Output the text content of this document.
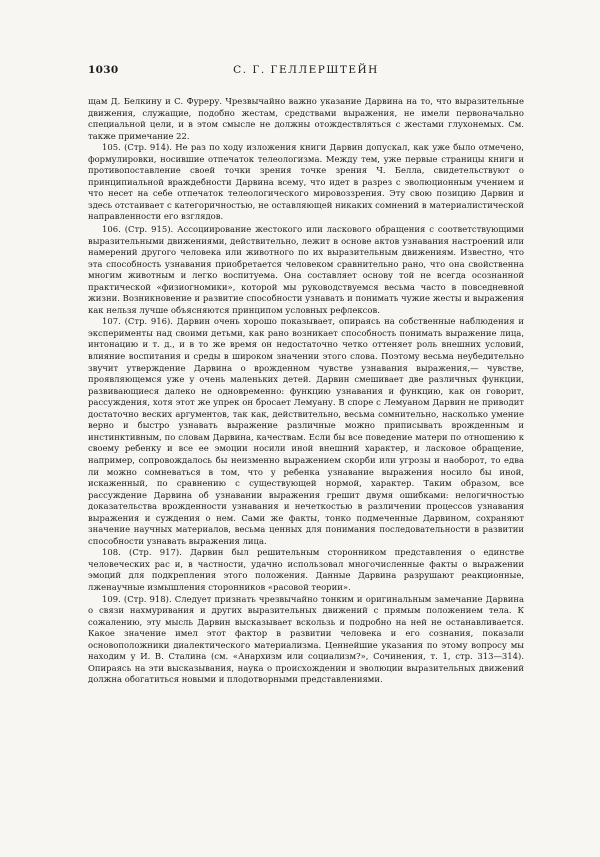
1030	С. Г. ГЕЛЛЕРШТЕЙН

щам Д. Белкину и С. Фуреру. Чрезвычайно важно указание Дарвина на то, что выразительные движения, служащие, подобно жестам, средствами выражения, не имели первоначально специальной цели, и в этом смысле не должны отождествляться с жестами глухонемых. См. также примечание 22.

105. (Стр. 914). Не раз по ходу изложения книги Дарвин допускал, как уже было отмечено, формулировки, носившие отпечаток телеологизма. Между тем, уже первые страницы книги и противопоставление своей точки зрения точке зрения Ч. Белла, свидетельствуют о принципиальной враждебности Дарвина всему, что идет в разрез с эволюционным учением и что несет на себе отпечаток телеологического мировоззрения. Эту свою позицию Дарвин и здесь отстаивает с категоричностью, не оставляющей никаких сомнений в материалистической направленности его взглядов.

106. (Стр. 915). Ассоциирование жестокого или ласкового обращения с соответствующими выразительными движениями, действительно, лежит в основе актов узнавания настроений или намерений другого человека или животного по их выразительным движениям. Известно, что эта способность узнавания приобретается человеком сравнительно рано, что она свойственна многим животным и легко воспитуема. Она составляет основу той не всегда осознанной практической «физиогномики», которой мы руководствуемся весьма часто в повседневной жизни. Возникновение и развитие способности узнавать и понимать чужие жесты и выражения как нельзя лучше объясняются принципом условных рефлексов.

107. (Стр. 916). Дарвин очень хорошо показывает, опираясь на собственные наблюдения и эксперименты над своими детьми, как рано возникает способность понимать выражение лица, интонацию и т. д., и в то же время он недостаточно четко оттеняет роль внешних условий, влияние воспитания и среды в широком значении этого слова. Поэтому весьма неубедительно звучит утверждение Дарвина о врожденном чувстве узнавания выражения,— чувстве, проявляющемся уже у очень маленьких детей. Дарвин смешивает две различных функции, развивающиеся далеко не одновременно: функцию узнавания и функцию, как он говорит, рассуждения, хотя этот же упрек он бросает Лемуану. В споре с Лемуаном Дарвин не приводит достаточно веских аргументов, так как, действительно, весьма сомнительно, насколько умение верно и быстро узнавать выражение различные можно приписывать врожденным и инстинктивным, по словам Дарвина, качествам. Если бы все поведение матери по отношению к своему ребенку и все ее эмоции носили иной внешний характер, и ласковое обращение, например, сопровождалось бы неизменно выражением скорби или угрозы и наоборот, то едва ли можно сомневаться в том, что у ребенка узнавание выражения носило бы иной, искаженный, по сравнению с существующей нормой, характер. Таким образом, все рассуждение Дарвина об узнавании выражения грешит двумя ошибками: нелогичностью доказательства врожденности узнавания и нечеткостью в различении процессов узнавания выражения и суждения о нем. Сами же факты, тонко подмеченные Дарвином, сохраняют значение научных материалов, весьма ценных для понимания последовательности в развитии способности узнавать выражения лица.

108. (Стр. 917). Дарвин был решительным сторонником представления о единстве человеческих рас и, в частности, удачно использовал многочисленные факты о выражении эмоций для подкрепления этого положения. Данные Дарвина разрушают реакционные, лженаучные измышления сторонников «расовой теории».

109. (Стр. 918). Следует признать чрезвычайно тонким и оригинальным замечание Дарвина о связи нахмуривания и других выразительных движений с прямым положением тела. К сожалению, эту мысль Дарвин высказывает вскользь и подробно на ней не останавливается. Какое значение имел этот фактор в развитии человека и его сознания, показали основоположники диалектического материализма. Ценнейшие указания по этому вопросу мы находим у И. В. Сталина (см. «Анархизм или социализм?», Сочинения, т. 1, стр. 313—314). Опираясь на эти высказывания, наука о происхождении и эволюции выразительных движений должна обогатиться новыми и плодотворными представлениями.
